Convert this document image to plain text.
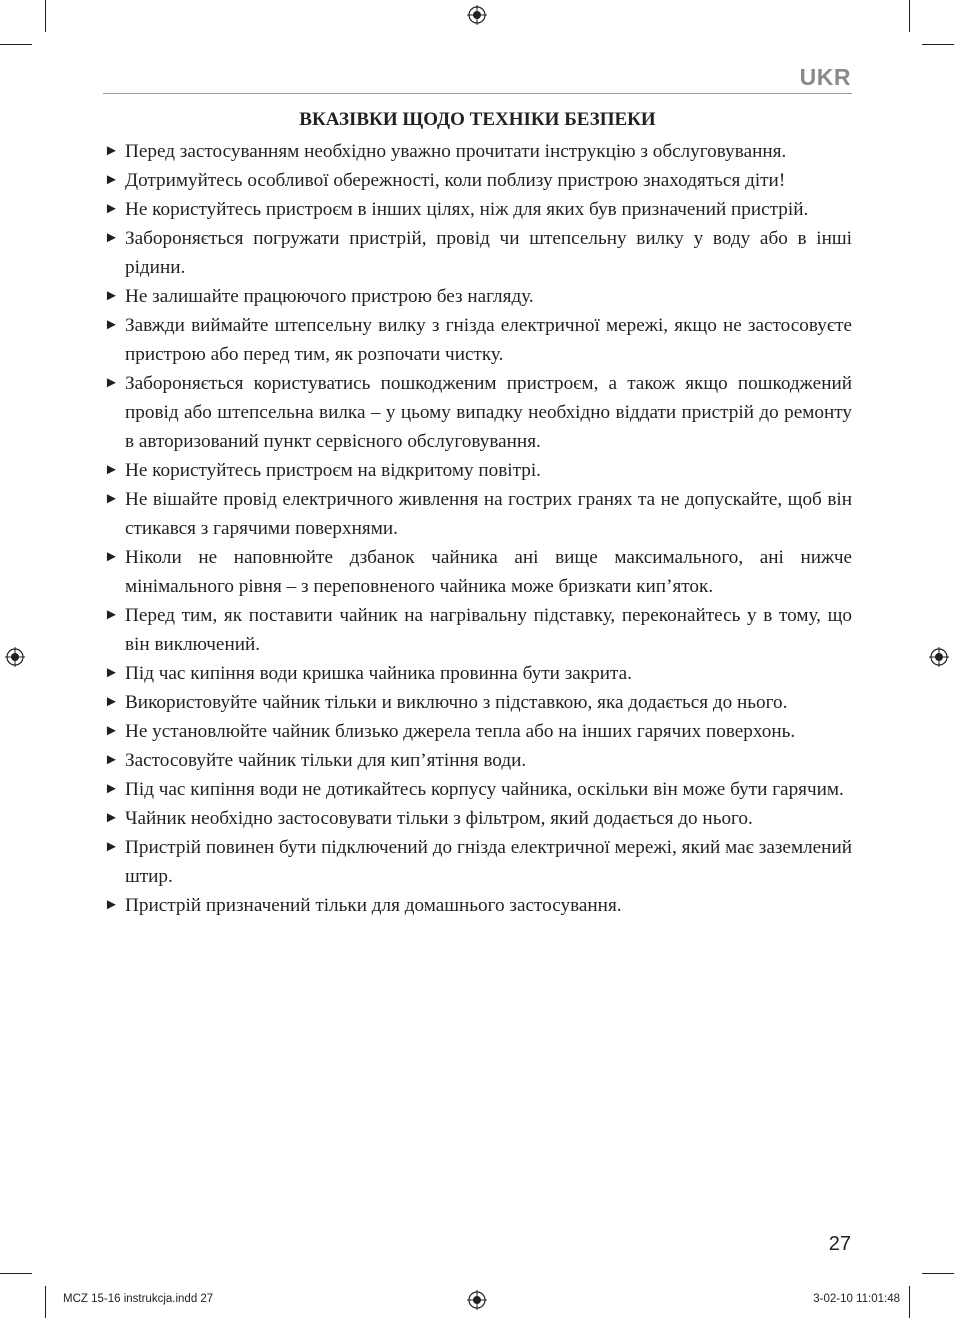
UKR
ВКАЗІВКИ ЩОДО ТЕХНІКИ БЕЗПЕКИ
► Перед застосуванням необхідно уважно прочитати інструкцію з обслуговування.
► Дотримуйтесь особливої обережності, коли поблизу пристрою знаходяться діти!
► Не користуйтесь пристроєм в інших цілях, ніж для яких був призначений пристрій.
► Забороняється погружати пристрій, провід чи штепсельну вилку у воду або в інші рідини.
► Не залишайте працюючого пристрою без нагляду.
► Завжди виймайте штепсельну вилку з гнізда електричної мережі, якщо не застосовуєте пристрою або перед тим, як розпочати чистку.
► Забороняється користуватись пошкодженим пристроєм, а також якщо пошкоджений провід або штепсельна вилка – у цьому випадку необхідно віддати пристрій до ремонту в авторизований пункт сервісного обслуговування.
► Не користуйтесь пристроєм на відкритому повітрі.
► Не вішайте провід електричного живлення на гострих гранях та не допускайте, щоб він стикався з гарячими поверхнями.
► Ніколи не наповнюйте дзбанок чайника ані вище максимального, ані нижче мінімального рівня – з переповненого чайника може бризкати кип’яток.
► Перед тим, як поставити чайник на нагрівальну підставку, переконайтесь у в тому, що він виключений.
► Під час кипіння води кришка чайника провинна бути закрита.
► Використовуйте чайник тільки и виключно з підставкою, яка додається до нього.
► Не установлюйте чайник близько джерела тепла або на інших гарячих поверхонь.
► Застосовуйте чайник тільки для кип’ятіння води.
► Під час кипіння води не дотикайтесь корпусу чайника, оскільки він може бути гарячим.
► Чайник необхідно застосовувати тільки з фільтром, який додається до нього.
► Пристрій повинен бути підключений до гнізда електричної мережі, який має заземлений штир.
► Пристрій призначений тільки для домашнього застосування.
27
MCZ 15-16 instrukcja.indd 27	3-02-10 11:01:48
